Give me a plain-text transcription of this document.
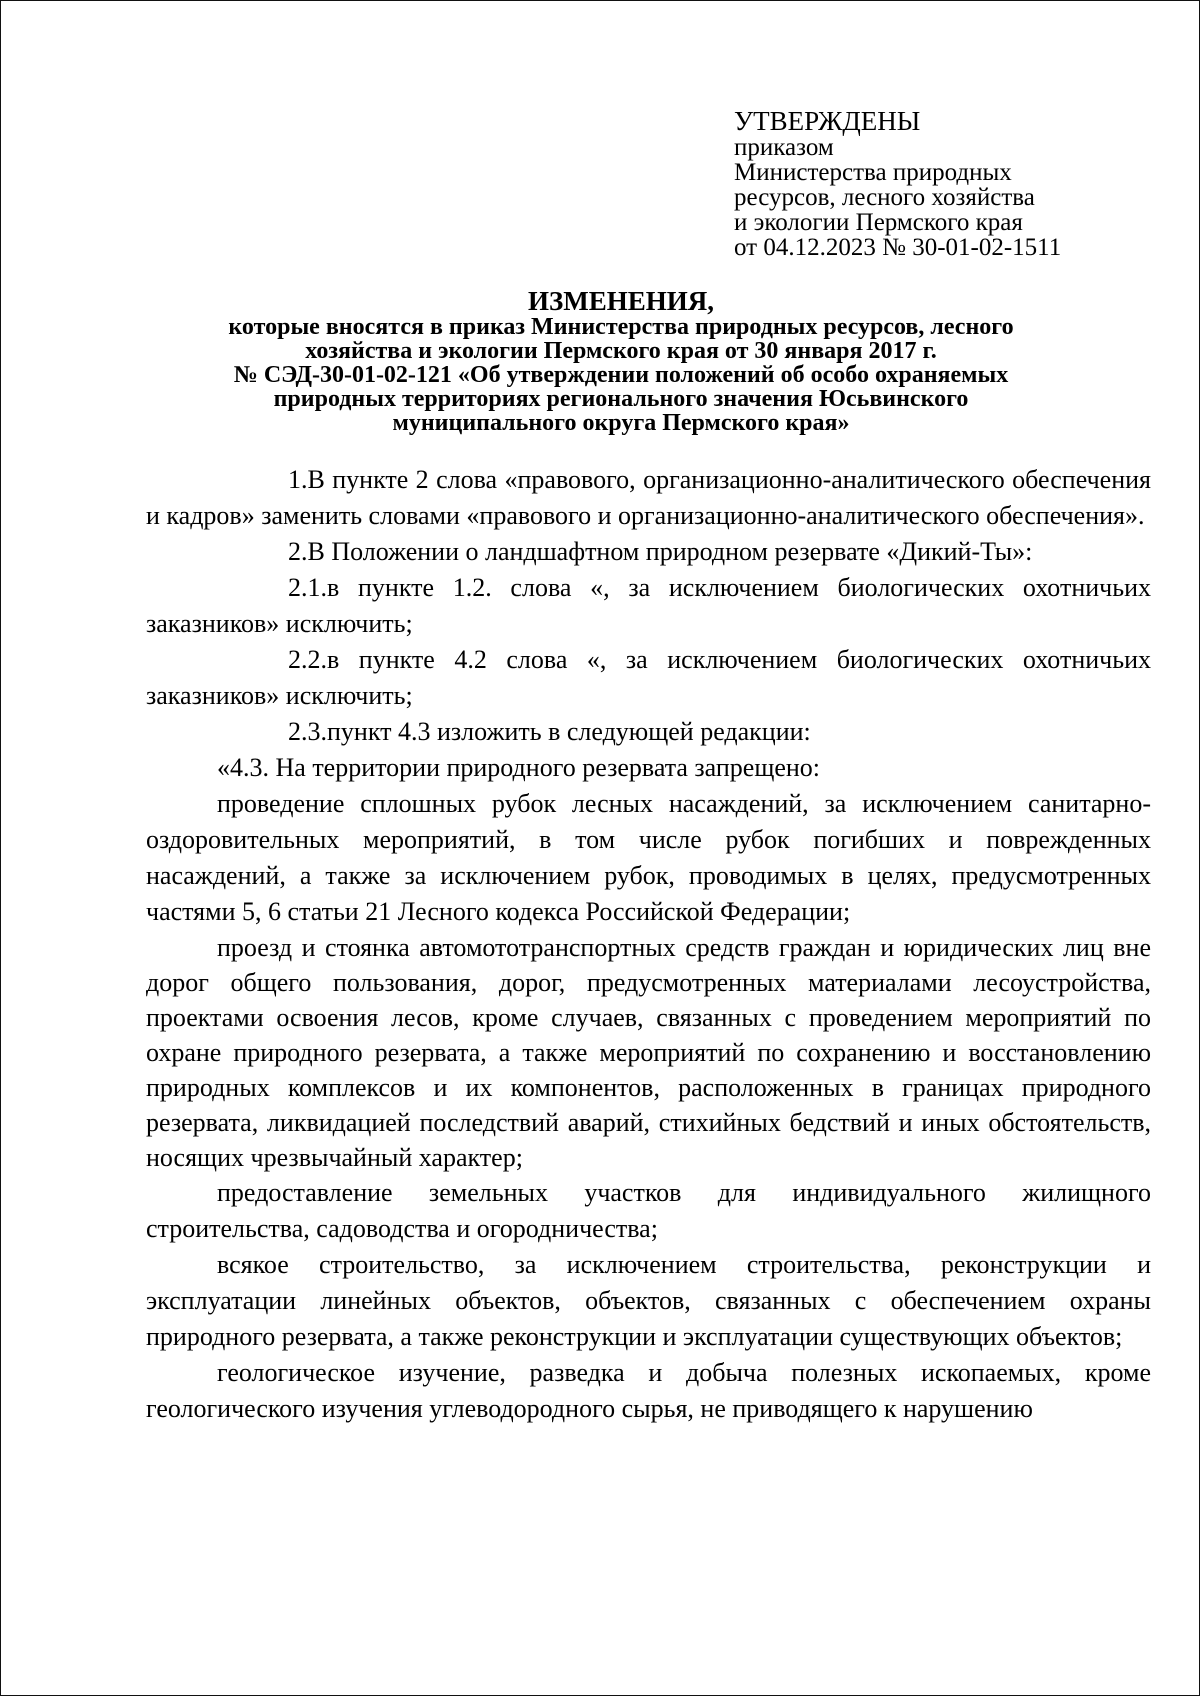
УТВЕРЖДЕНЫ
приказом
Министерства природных
ресурсов, лесного хозяйства
и экологии Пермского края
от 04.12.2023 № 30-01-02-1511
ИЗМЕНЕНИЯ,
которые вносятся в приказ Министерства природных ресурсов, лесного
хозяйства и экологии Пермского края от 30 января 2017 г.
№ СЭД-30-01-02-121 «Об утверждении положений об особо охраняемых
природных территориях регионального значения Юсьвинского
муниципального округа Пермского края»

1.В пункте 2 слова «правового, организационно-аналитического обеспечения и кадров» заменить словами «правового и организационно-аналитического обеспечения».

2.В Положении о ландшафтном природном резервате «Дикий-Ты»:

2.1.в пункте 1.2. слова «, за исключением биологических охотничьих заказников» исключить;

2.2.в пункте 4.2 слова «, за исключением биологических охотничьих заказников» исключить;

2.3.пункт 4.3 изложить в следующей редакции:

«4.3. На территории природного резервата запрещено:

проведение сплошных рубок лесных насаждений, за исключением санитарно-оздоровительных мероприятий, в том числе рубок погибших и поврежденных насаждений, а также за исключением рубок, проводимых в целях, предусмотренных частями 5, 6 статьи 21 Лесного кодекса Российской Федерации;

проезд и стоянка автомототранспортных средств граждан и юридических лиц вне дорог общего пользования, дорог, предусмотренных материалами лесоустройства, проектами освоения лесов, кроме случаев, связанных с проведением мероприятий по охране природного резервата, а также мероприятий по сохранению и восстановлению природных комплексов и их компонентов, расположенных в границах природного резервата, ликвидацией последствий аварий, стихийных бедствий и иных обстоятельств, носящих чрезвычайный характер;

предоставление земельных участков для индивидуального жилищного строительства, садоводства и огородничества;

всякое строительство, за исключением строительства, реконструкции и эксплуатации линейных объектов, объектов, связанных с обеспечением охраны природного резервата, а также реконструкции и эксплуатации существующих объектов;

геологическое изучение, разведка и добыча полезных ископаемых, кроме геологического изучения углеводородного сырья, не приводящего к нарушению
